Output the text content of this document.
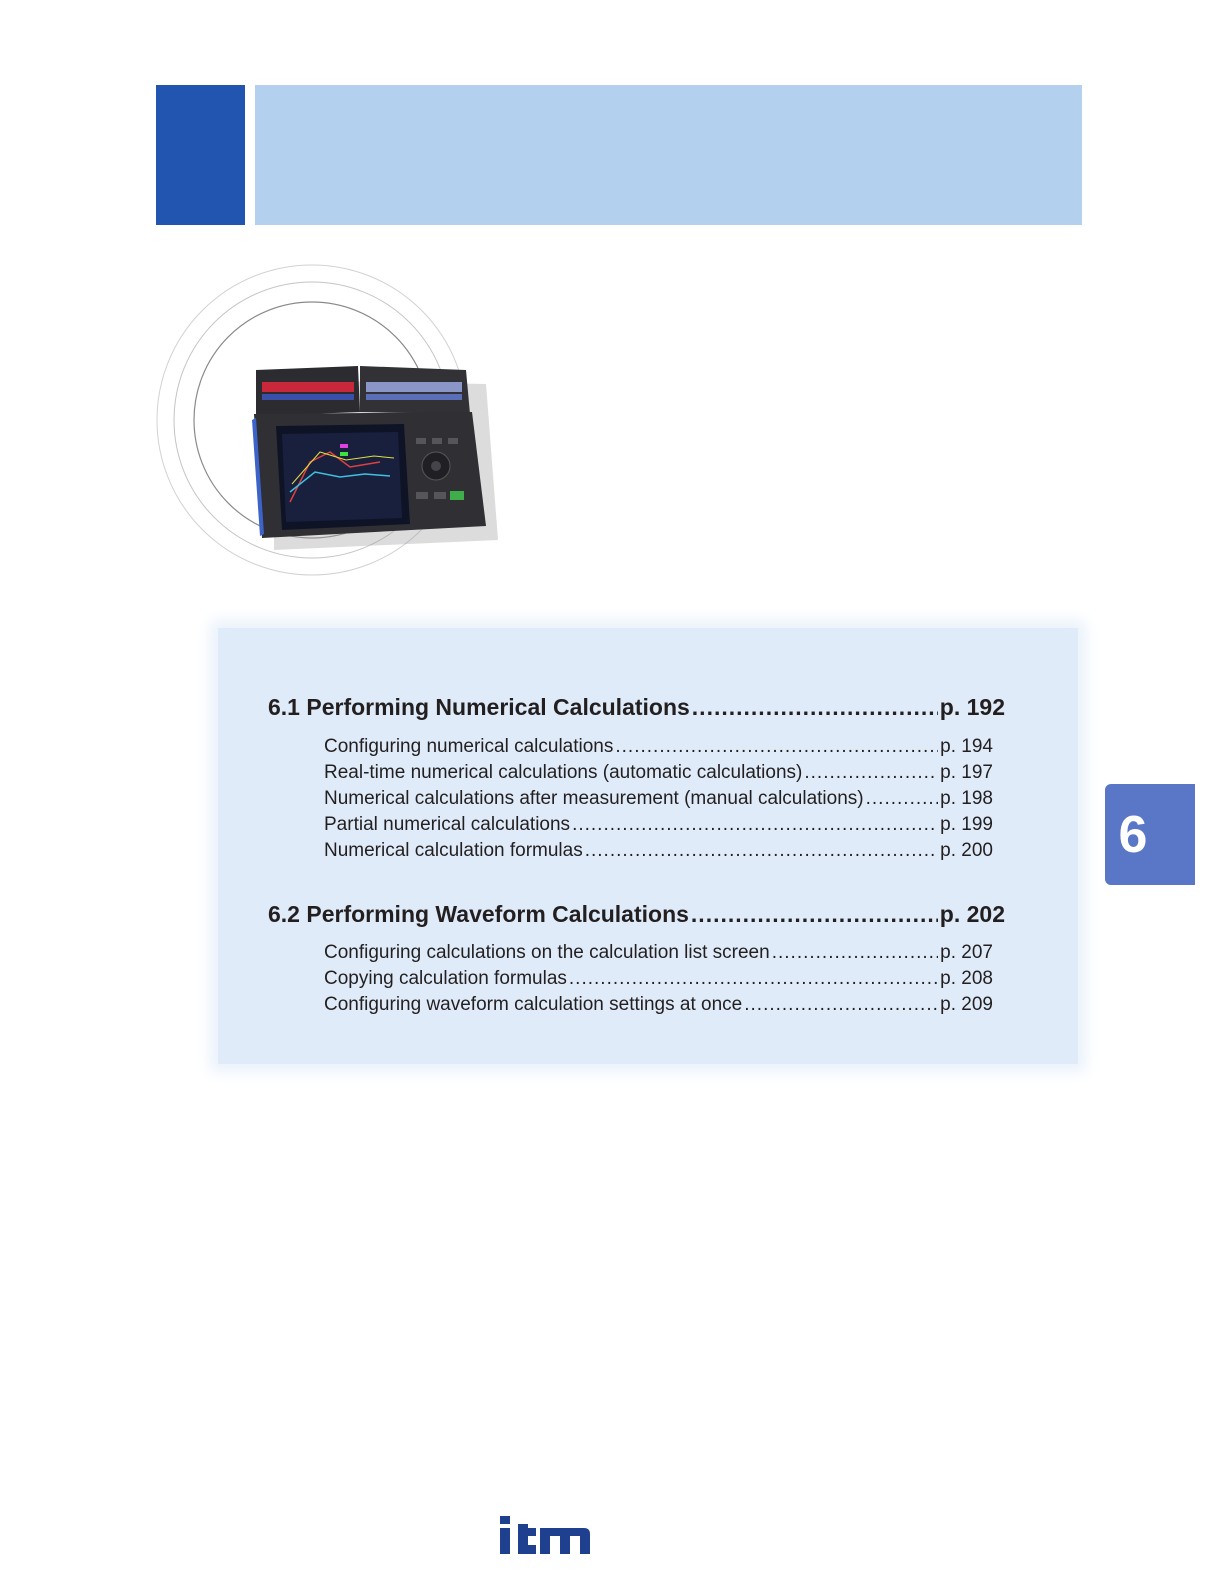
6.1 Performing Numerical Calculations .....	p. 192
Configuring numerical calculations .....	p. 194
Real-time numerical calculations (automatic calculations) .....	p. 197
Numerical calculations after measurement (manual calculations) .....	p. 198
Partial numerical calculations .....	p. 199
Numerical calculation formulas .....	p. 200
6.2 Performing Waveform Calculations .....	p. 202
Configuring calculations on the calculation list screen .....	p. 207
Copying calculation formulas .....	p. 208
Configuring waveform calculation settings at once .....	p. 209
6
